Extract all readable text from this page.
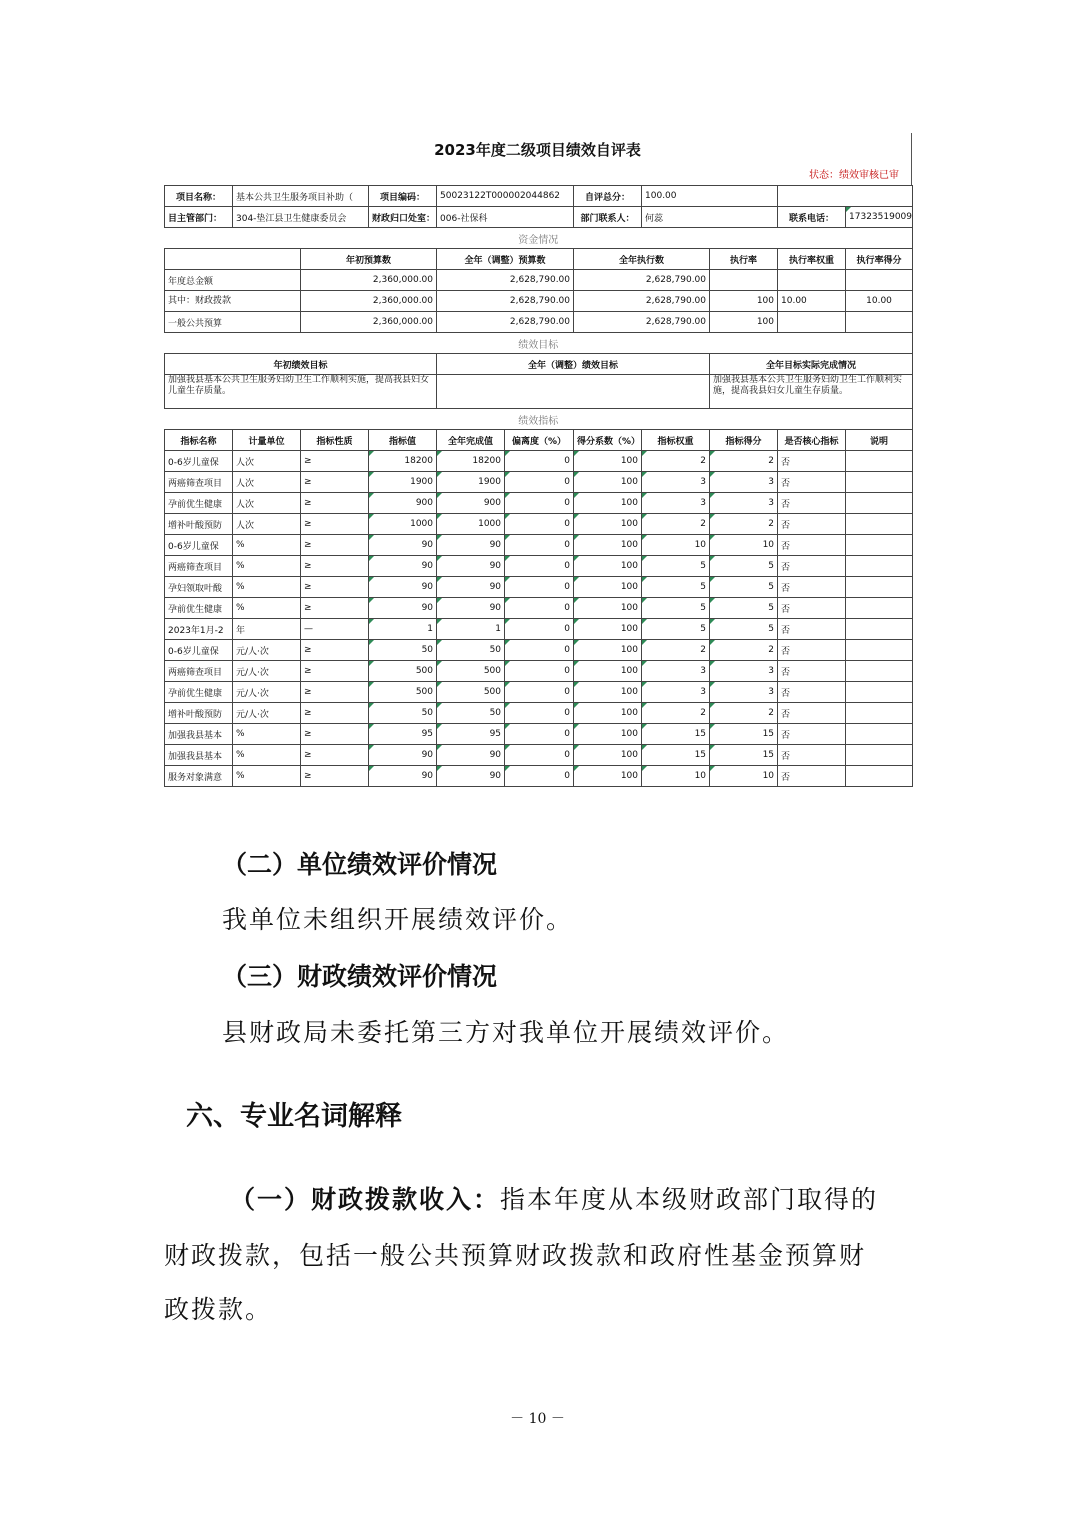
2023年度二级项目绩效自评表
状态：绩效审核已审
项目名称：	基本公共卫生服务项目补助（		项目编码：	50023122T000002044862		自评总分：	100.00			
目主管部门：	304-垫江县卫生健康委员会		财政归口处室：	006-社保科		部门联系人：	何蕊		联系电话：	17323519009
资金情况										
		年初预算数		全年（调整）预算数		全年执行数		执行率	执行率权重	执行率得分
年度总金额		2,360,000.00		2,628,790.00		2,628,790.00				
其中：财政拨款		2,360,000.00		2,628,790.00		2,628,790.00		100	10.00	10.00
一般公共预算		2,360,000.00		2,628,790.00		2,628,790.00		100		
绩效目标										
年初绩效目标				全年（调整）绩效目标				全年目标实际完成情况		
加强我县基本公共卫生服务妇幼卫生工作顺利实施，提高我县妇女儿童生存质量。								加强我县基本公共卫生服务妇幼卫生工作顺利实施，提高我县妇女儿童生存质量。		
绩效指标										
指标名称	计量单位	指标性质	指标值	全年完成值	偏离度（%）	得分系数（%）	指标权重	指标得分	是否核心指标	说明
0-6岁儿童保	人次	≥	18200	18200	0	100	2	2	否	
两癌筛查项目	人次	≥	1900	1900	0	100	3	3	否	
孕前优生健康	人次	≥	900	900	0	100	3	3	否	
增补叶酸预防	人次	≥	1000	1000	0	100	2	2	否	
0-6岁儿童保	%	≥	90	90	0	100	10	10	否	
两癌筛查项目	%	≥	90	90	0	100	5	5	否	
孕妇领取叶酸	%	≥	90	90	0	100	5	5	否	
孕前优生健康	%	≥	90	90	0	100	5	5	否	
2023年1月-2	年	—	1	1	0	100	5	5	否	
0-6岁儿童保	元/人·次	≥	50	50	0	100	2	2	否	
两癌筛查项目	元/人·次	≥	500	500	0	100	3	3	否	
孕前优生健康	元/人·次	≥	500	500	0	100	3	3	否	
增补叶酸预防	元/人·次	≥	50	50	0	100	2	2	否	
加强我县基本	%	≥	95	95	0	100	15	15	否	
加强我县基本	%	≥	90	90	0	100	15	15	否	
服务对象满意	%	≥	90	90	0	100	10	10	否	
（二）单位绩效评价情况
我单位未组织开展绩效评价。
（三）财政绩效评价情况
县财政局未委托第三方对我单位开展绩效评价。
六、专业名词解释
（一）财政拨款收入：指本年度从本级财政部门取得的
财政拨款，包括一般公共预算财政拨款和政府性基金预算财
政拨款。
－ 10 －
